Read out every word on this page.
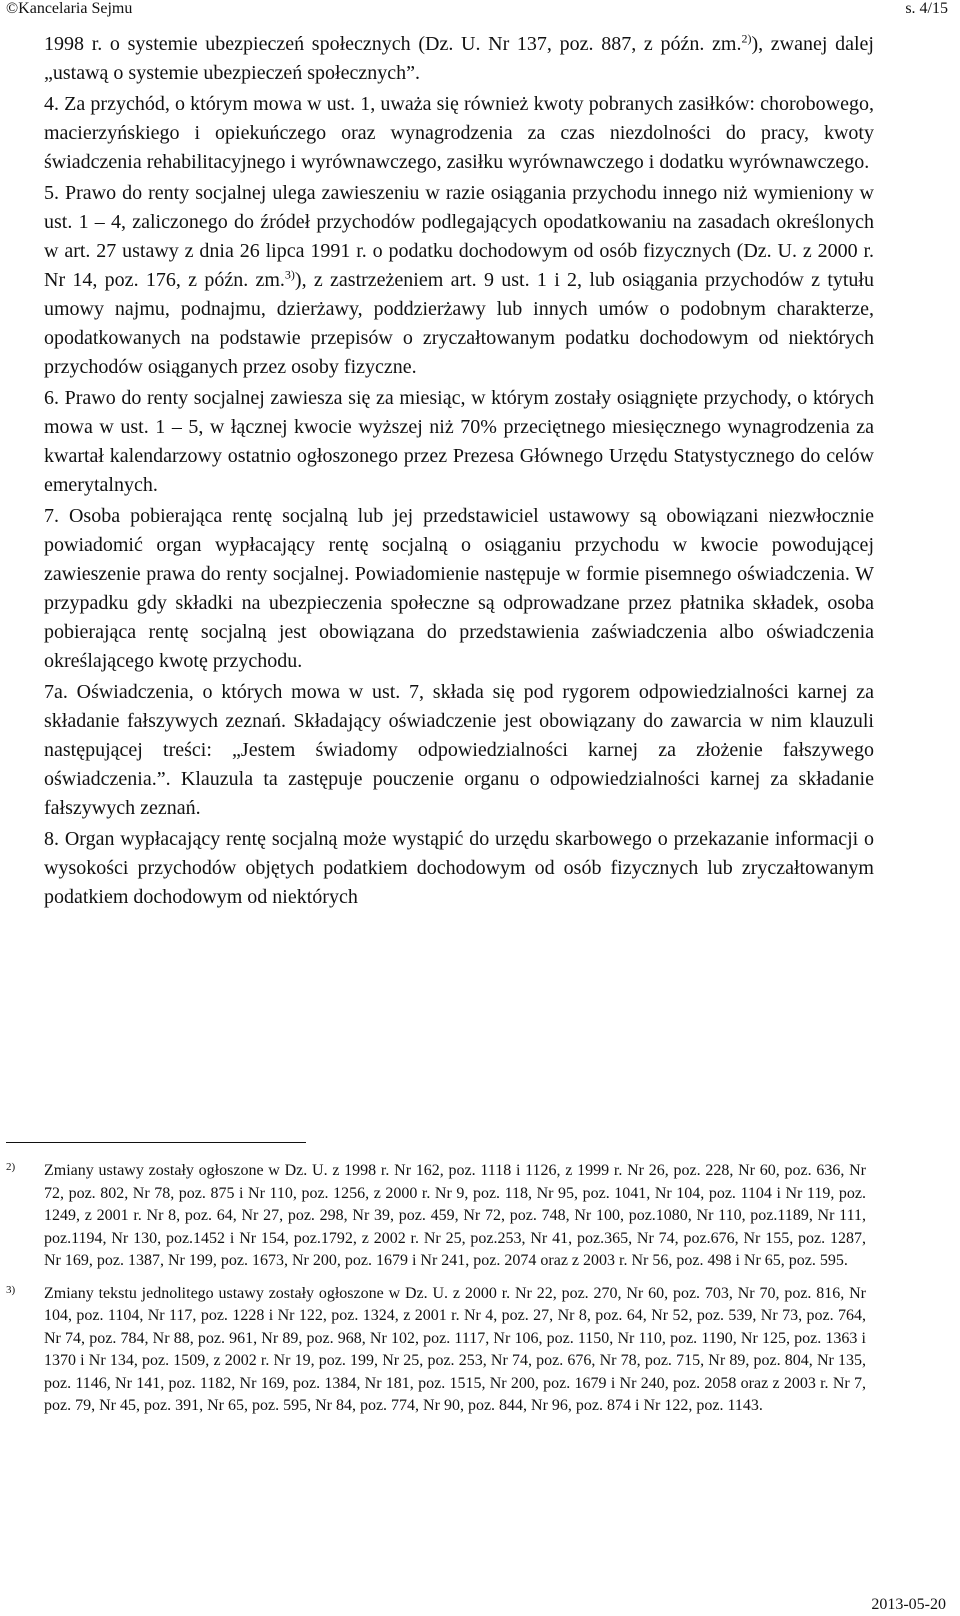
©Kancelaria Sejmu	s. 4/15

1998 r. o systemie ubezpieczeń społecznych (Dz. U. Nr 137, poz. 887, z późn. zm.$^{2)}$), zwanej dalej „ustawą o systemie ubezpieczeń społecznych”.

4. Za przychód, o którym mowa w ust. 1, uważa się również kwoty pobranych zasiłków: chorobowego, macierzyńskiego i opiekuńczego oraz wynagrodzenia za czas niezdolności do pracy, kwoty świadczenia rehabilitacyjnego i wyrównawczego, zasiłku wyrównawczego i dodatku wyrównawczego.

5. Prawo do renty socjalnej ulega zawieszeniu w razie osiągania przychodu innego niż wymieniony w ust. 1 – 4, zaliczonego do źródeł przychodów podlegających opodatkowaniu na zasadach określonych w art. 27 ustawy z dnia 26 lipca 1991 r. o podatku dochodowym od osób fizycznych (Dz. U. z 2000 r. Nr 14, poz. 176, z późn. zm.$^{3)}$), z zastrzeżeniem art. 9 ust. 1 i 2, lub osiągania przychodów z tytułu umowy najmu, podnajmu, dzierżawy, poddzierżawy lub innych umów o podobnym charakterze, opodatkowanych na podstawie przepisów o zryczałtowanym podatku dochodowym od niektórych przychodów osiąganych przez osoby fizyczne.

6. Prawo do renty socjalnej zawiesza się za miesiąc, w którym zostały osiągnięte przychody, o których mowa w ust. 1 – 5, w łącznej kwocie wyższej niż 70% przeciętnego miesięcznego wynagrodzenia za kwartał kalendarzowy ostatnio ogłoszonego przez Prezesa Głównego Urzędu Statystycznego do celów emerytalnych.

7. Osoba pobierająca rentę socjalną lub jej przedstawiciel ustawowy są obowiązani niezwłocznie powiadomić organ wypłacający rentę socjalną o osiąganiu przychodu w kwocie powodującej zawieszenie prawa do renty socjalnej. Powiadomienie następuje w formie pisemnego oświadczenia. W przypadku gdy składki na ubezpieczenia społeczne są odprowadzane przez płatnika składek, osoba pobierająca rentę socjalną jest obowiązana do przedstawienia zaświadczenia albo oświadczenia określającego kwotę przychodu.

7a. Oświadczenia, o których mowa w ust. 7, składa się pod rygorem odpowiedzialności karnej za składanie fałszywych zeznań. Składający oświadczenie jest obowiązany do zawarcia w nim klauzuli następującej treści: „Jestem świadomy odpowiedzialności karnej za złożenie fałszywego oświadczenia.”. Klauzula ta zastępuje pouczenie organu o odpowiedzialności karnej za składanie fałszywych zeznań.

8. Organ wypłacający rentę socjalną może wystąpić do urzędu skarbowego o przekazanie informacji o wysokości przychodów objętych podatkiem dochodowym od osób fizycznych lub zryczałtowanym podatkiem dochodowym od niektórych

2) Zmiany ustawy zostały ogłoszone w Dz. U. z 1998 r. Nr 162, poz. 1118 i 1126, z 1999 r. Nr 26, poz. 228, Nr 60, poz. 636, Nr 72, poz. 802, Nr 78, poz. 875 i Nr 110, poz. 1256, z 2000 r. Nr 9, poz. 118, Nr 95, poz. 1041, Nr 104, poz. 1104 i Nr 119, poz. 1249, z 2001 r. Nr 8, poz. 64, Nr 27, poz. 298, Nr 39, poz. 459, Nr 72, poz. 748, Nr 100, poz.1080, Nr 110, poz.1189, Nr 111, poz.1194, Nr 130, poz.1452 i Nr 154, poz.1792, z 2002 r. Nr 25, poz.253, Nr 41, poz.365, Nr 74, poz.676, Nr 155, poz. 1287, Nr 169, poz. 1387, Nr 199, poz. 1673, Nr 200, poz. 1679 i Nr 241, poz. 2074 oraz z 2003 r. Nr 56, poz. 498 i Nr 65, poz. 595.
3) Zmiany tekstu jednolitego ustawy zostały ogłoszone w Dz. U. z 2000 r. Nr 22, poz. 270, Nr 60, poz. 703, Nr 70, poz. 816, Nr 104, poz. 1104, Nr 117, poz. 1228 i Nr 122, poz. 1324, z 2001 r. Nr 4, poz. 27, Nr 8, poz. 64, Nr 52, poz. 539, Nr 73, poz. 764, Nr 74, poz. 784, Nr 88, poz. 961, Nr 89, poz. 968, Nr 102, poz. 1117, Nr 106, poz. 1150, Nr 110, poz. 1190, Nr 125, poz. 1363 i 1370 i Nr 134, poz. 1509, z 2002 r. Nr 19, poz. 199, Nr 25, poz. 253, Nr 74, poz. 676, Nr 78, poz. 715, Nr 89, poz. 804, Nr 135, poz. 1146, Nr 141, poz. 1182, Nr 169, poz. 1384, Nr 181, poz. 1515, Nr 200, poz. 1679 i Nr 240, poz. 2058 oraz z 2003 r. Nr 7, poz. 79, Nr 45, poz. 391, Nr 65, poz. 595, Nr 84, poz. 774, Nr 90, poz. 844, Nr 96, poz. 874 i Nr 122, poz. 1143.
2013-05-20
